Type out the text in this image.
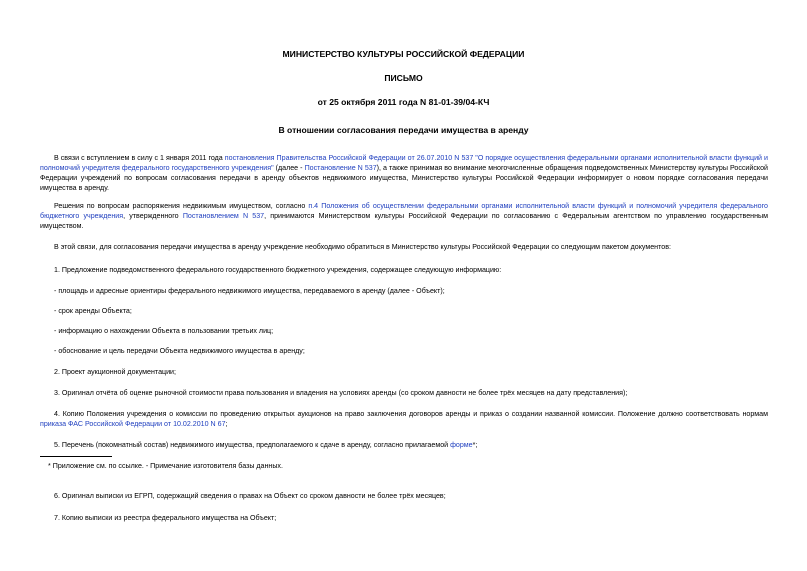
МИНИСТЕРСТВО КУЛЬТУРЫ РОССИЙСКОЙ ФЕДЕРАЦИИ
ПИСЬМО
от 25 октября 2011 года N 81-01-39/04-КЧ
В отношении согласования передачи имущества в аренду

В связи с вступлением в силу с 1 января 2011 года постановления Правительства Российской Федерации от 26.07.2010 N 537 "О порядке осуществления федеральными органами исполнительной власти функций и полномочий учредителя федерального государственного учреждения" (далее - Постановление N 537), а также принимая во внимание многочисленные обращения подведомственных Министерству культуры Российской Федерации учреждений по вопросам согласования передачи в аренду объектов недвижимого имущества, Министерство культуры Российской Федерации информирует о новом порядке согласования передачи имущества в аренду.

Решения по вопросам распоряжения недвижимым имуществом, согласно п.4 Положения об осуществлении федеральными органами исполнительной власти функций и полномочий учредителя федерального бюджетного учреждения, утвержденного Постановлением N 537, принимаются Министерством культуры Российской Федерации по согласованию с Федеральным агентством по управлению государственным имуществом.

В этой связи, для согласования передачи имущества в аренду учреждение необходимо обратиться в Министерство культуры Российской Федерации со следующим пакетом документов:

1. Предложение подведомственного федерального государственного бюджетного учреждения, содержащее следующую информацию:

- площадь и адресные ориентиры федерального недвижимого имущества, передаваемого в аренду (далее - Объект);

- срок аренды Объекта;

- информацию о нахождении Объекта в пользовании третьих лиц;

- обоснование и цель передачи Объекта недвижимого имущества в аренду;

2. Проект аукционной документации;

3. Оригинал отчёта об оценке рыночной стоимости права пользования и владения на условиях аренды (со сроком давности не более трёх месяцев на дату представления);

4. Копию Положения учреждения о комиссии по проведению открытых аукционов на право заключения договоров аренды и приказ о создании названной комиссии. Положение должно соответствовать нормам приказа ФАС Российской Федерации от 10.02.2010 N 67;

5. Перечень (покомнатный состав) недвижимого имущества, предполагаемого к сдаче в аренду, согласно прилагаемой форме*;

* Приложение см. по ссылке. - Примечание изготовителя базы данных.

6. Оригинал выписки из ЕГРП, содержащий сведения о правах на Объект со сроком давности не более трёх месяцев;

7. Копию выписки из реестра федерального имущества на Объект;
